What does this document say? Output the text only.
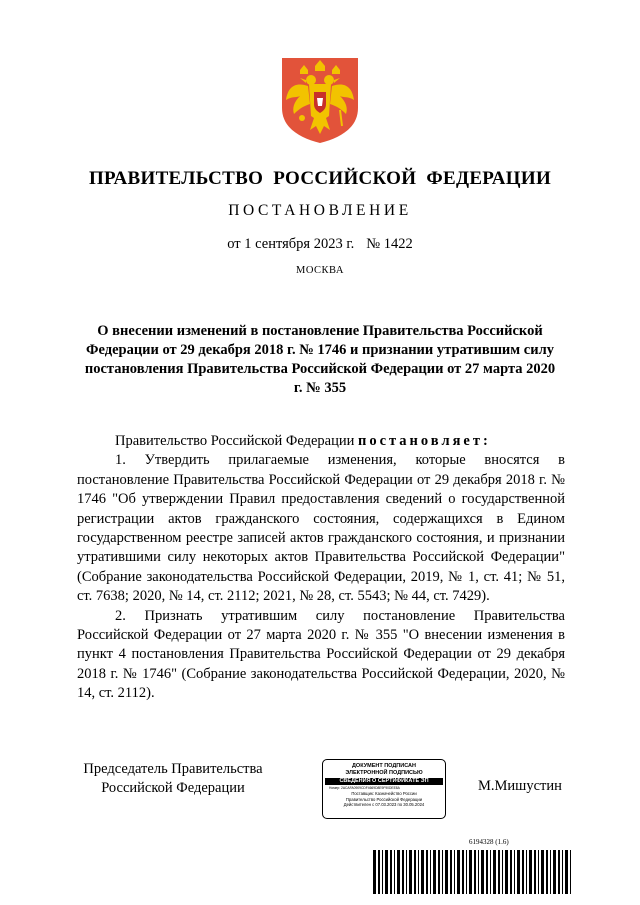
ПРАВИТЕЛЬСТВО РОССИЙСКОЙ ФЕДЕРАЦИИ
ПОСТАНОВЛЕНИЕ
от 1 сентября 2023 г. № 1422
МОСКВА
О внесении изменений в постановление Правительства Российской Федерации от 29 декабря 2018 г. № 1746 и признании утратившим силу постановления Правительства Российской Федерации от 27 марта 2020 г. № 355

Правительство Российской Федерации постановляет:

1. Утвердить прилагаемые изменения, которые вносятся в постановление Правительства Российской Федерации от 29 декабря 2018 г. № 1746 "Об утверждении Правил предоставления сведений о государственной регистрации актов гражданского состояния, содержащихся в Едином государственном реестре записей актов гражданского состояния, и признании утратившими силу некоторых актов Правительства Российской Федерации" (Собрание законодательства Российской Федерации, 2019, № 1, ст. 41; № 51, ст. 7638; 2020, № 14, ст. 2112; 2021, № 28, ст. 5543; № 44, ст. 7429).

2. Признать утратившим силу постановление Правительства Российской Федерации от 27 марта 2020 г. № 355 "О внесении изменения в пункт 4 постановления Правительства Российской Федерации от 29 декабря 2018 г. № 1746" (Собрание законодательства Российской Федерации, 2020, № 14, ст. 2112).

Председатель Правительства
Российской Федерации
ДОКУМЕНТ ПОДПИСАН
ЭЛЕКТРОННОЙ ПОДПИСЬЮ
СВЕДЕНИЯ О СЕРТИФИКАТЕ ЭП
Номер: 2ACAFA0909CDF4669D8E9F90DEE8A
Поставщик: Казначейство России
Правительство Российской Федерации
Действителен с 07.03.2023 по 30.05.2024
М.Мишустин
6194328 (1.6)
